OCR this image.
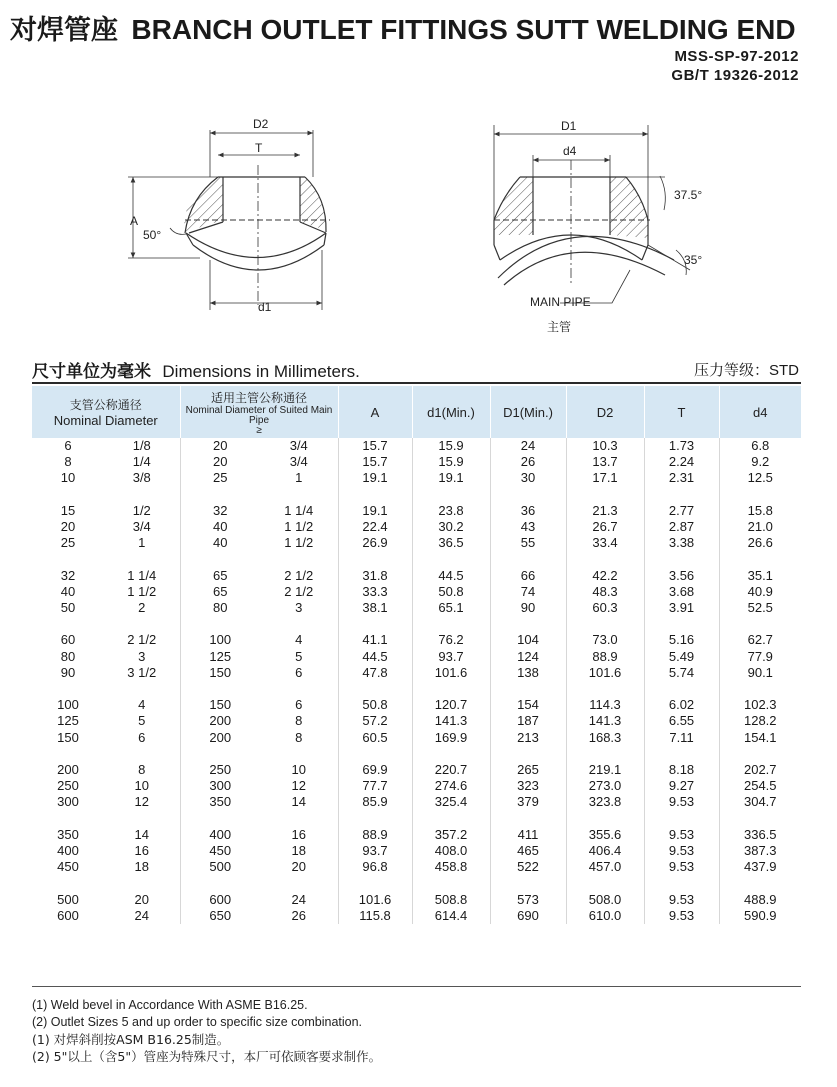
对焊管座 BRANCH OUTLET FITTINGS SUTT WELDING END
MSS-SP-97-2012
GB/T 19326-2012
D2
T
A
50°
d1
D1
d4
37.5°
35°
MAIN PIPE
主管
尺寸单位为毫米 Dimensions in Millimeters.	压力等级：STD
支管公称通径
Nominal Diameter		适用主管公称通径
Nominal Diameter of Suited Main Pipe
≥		A	d1(Min.)	D1(Min.)	D2	T	d4
6	1/8	20	3/4	15.7	15.9	24	10.3	1.73	6.8
8	1/4	20	3/4	15.7	15.9	26	13.7	2.24	9.2
10	3/8	25	1	19.1	19.1	30	17.1	2.31	12.5

15	1/2	32	1 1/4	19.1	23.8	36	21.3	2.77	15.8
20	3/4	40	1 1/2	22.4	30.2	43	26.7	2.87	21.0
25	1	40	1 1/2	26.9	36.5	55	33.4	3.38	26.6

32	1 1/4	65	2 1/2	31.8	44.5	66	42.2	3.56	35.1
40	1 1/2	65	2 1/2	33.3	50.8	74	48.3	3.68	40.9
50	2	80	3	38.1	65.1	90	60.3	3.91	52.5

60	2 1/2	100	4	41.1	76.2	104	73.0	5.16	62.7
80	3	125	5	44.5	93.7	124	88.9	5.49	77.9
90	3 1/2	150	6	47.8	101.6	138	101.6	5.74	90.1

100	4	150	6	50.8	120.7	154	114.3	6.02	102.3
125	5	200	8	57.2	141.3	187	141.3	6.55	128.2
150	6	200	8	60.5	169.9	213	168.3	7.11	154.1

200	8	250	10	69.9	220.7	265	219.1	8.18	202.7
250	10	300	12	77.7	274.6	323	273.0	9.27	254.5
300	12	350	14	85.9	325.4	379	323.8	9.53	304.7

350	14	400	16	88.9	357.2	411	355.6	9.53	336.5
400	16	450	18	93.7	408.0	465	406.4	9.53	387.3
450	18	500	20	96.8	458.8	522	457.0	9.53	437.9

500	20	600	24	101.6	508.8	573	508.0	9.53	488.9
600	24	650	26	115.8	614.4	690	610.0	9.53	590.9
(1) Weld bevel in Accordance With ASME B16.25.
(2) Outlet Sizes 5 and up order to specific size combination.
(1) 对焊斜削按ASM B16.25制造。
(2) 5"以上（含5"）管座为特殊尺寸，本厂可依顾客要求制作。
